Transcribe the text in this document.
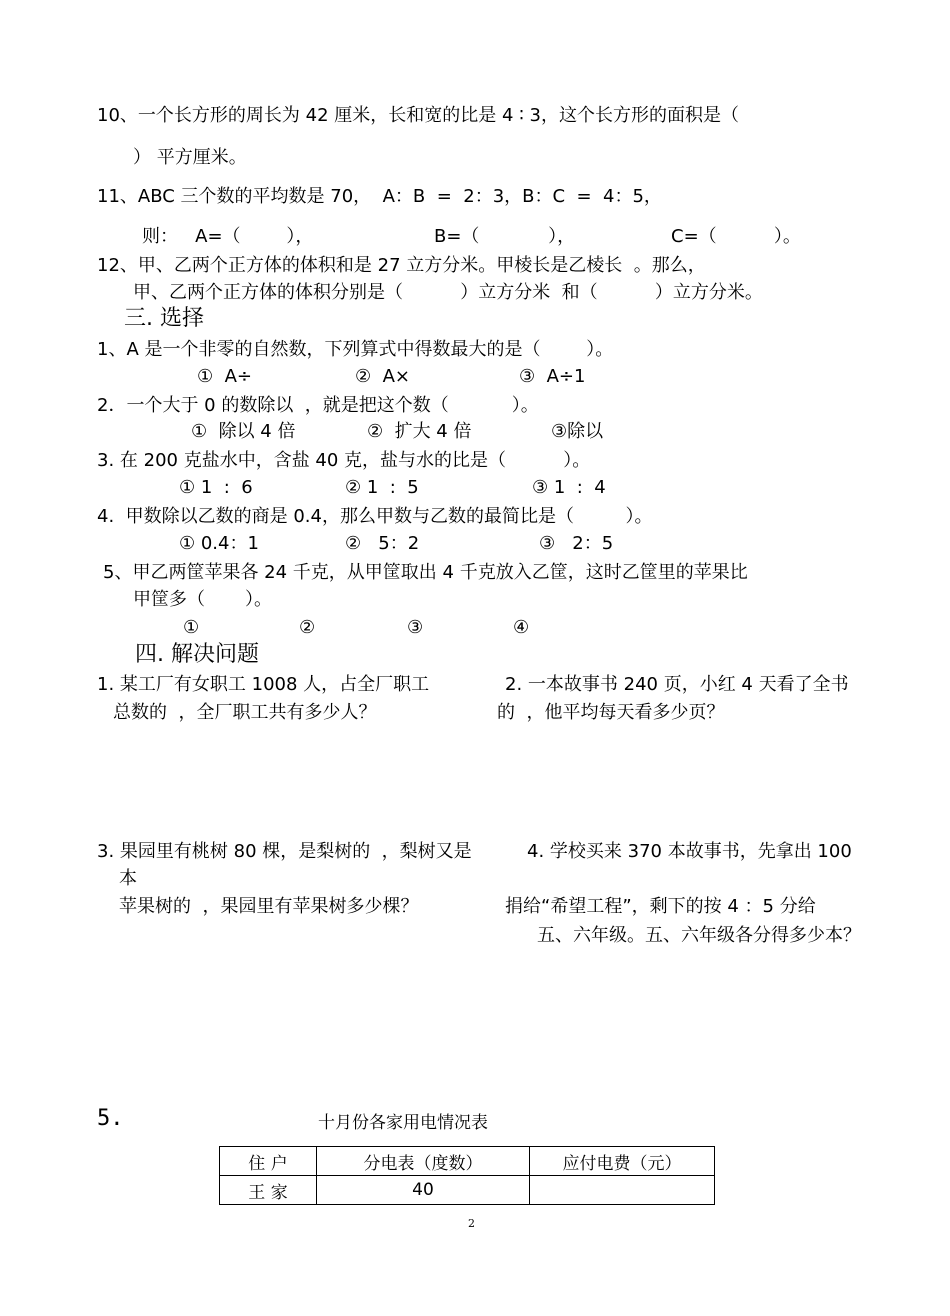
10、一个长方形的周长为 42 厘米，长和宽的比是 4 ∶ 3，这个长方形的面积是（
） 平方厘米。
11、ABC 三个数的平均数是 70，  A：B  =  2：3，B：C  =  4：5，
则：   A=（        ），	B=（            ），	C=（          ）。
12、甲、乙两个正方体的体积和是 27 立方分米。甲棱长是乙棱长  。那么，
甲、乙两个正方体的体积分别是（          ）立方分米  和（          ）立方分米。
三. 选择
1、A 是一个非零的自然数，下列算式中得数最大的是（        ）。
①  A÷	②  A×	③  A÷1
2．一个大于 0 的数除以  ，就是把这个数（           ）。
①  除以 4 倍	②  扩大 4 倍	③除以
3. 在 200 克盐水中，含盐 40 克，盐与水的比是（          ）。
① 1  :  6	② 1  :  5	③ 1  :  4
4.  甲数除以乙数的商是 0.4，那么甲数与乙数的最简比是（         ）。
① 0.4：1	②   5：2	③   2：5
5、甲乙两筐苹果各 24 千克，从甲筐取出 4 千克放入乙筐，这时乙筐里的苹果比
甲筐多（       ）。
①	②	③	④
四. 解决问题
1. 某工厂有女职工 1008 人，占全厂职工
总数的  ，全厂职工共有多少人？
2. 一本故事书 240 页，小红 4 天看了全书
的  ，他平均每天看多少页？
3. 果园里有桃树 80 棵，是梨树的  ，梨树又是
本
苹果树的  ，果园里有苹果树多少棵？
4. 学校买来 370 本故事书，先拿出 100
捐给“希望工程”，剩下的按 4 ：5 分给
五、六年级。五、六年级各分得多少本？
5.	十月份各家用电情况表
住 户	分电表（度数）	应付电费（元）
王 家	40	
2
